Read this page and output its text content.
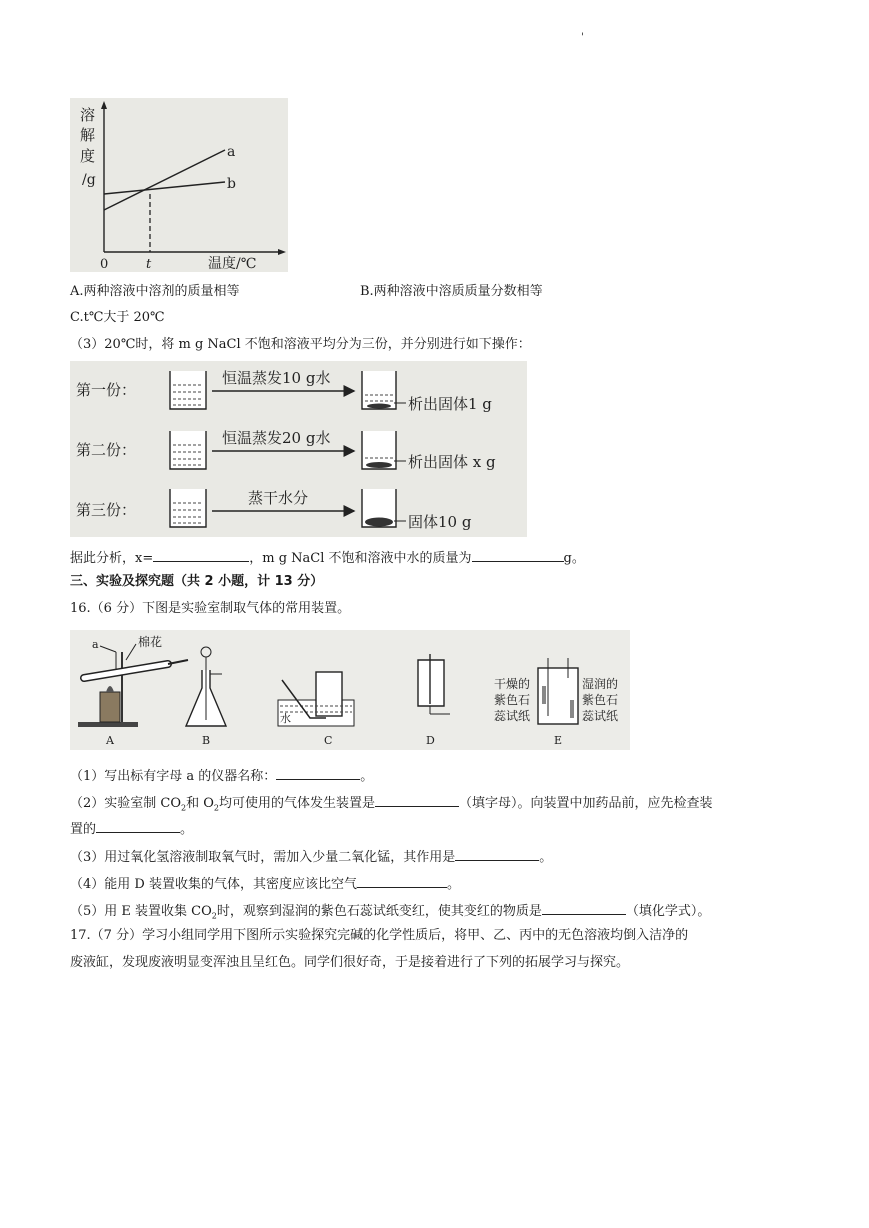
'
溶
解
度
/g
0	t	温度/℃
a
b
A.两种溶液中溶剂的质量相等	B.两种溶液中溶质质量分数相等
C.t℃大于 20℃
（3）20℃时，将 m g NaCl 不饱和溶液平均分为三份，并分别进行如下操作：
第一份：
恒温蒸发10 g水
析出固体1 g
第二份：
恒温蒸发20 g水
析出固体 x g
第三份：
蒸干水分
固体10 g
据此分析，x=	，m g NaCl 不饱和溶液中水的质量为	g。
三、实验及探究题（共 2 小题，计 13 分）
16.（6 分）下图是实验室制取气体的常用装置。
a	棉花
A	B
水
C	D
干燥的
紫色石
蕊试纸
湿润的
紫色石
蕊试纸
E
（1）写出标有字母 a 的仪器名称：	。
（2）实验室制 $CO_2$和 $O_2$均可使用的气体发生装置是	（填字母）。向装置中加药品前，应先检查装
置的	。
（3）用过氧化氢溶液制取氧气时，需加入少量二氧化锰，其作用是	。
（4）能用 D 装置收集的气体，其密度应该比空气	。
（5）用 E 装置收集 $CO_2$时，观察到湿润的紫色石蕊试纸变红，使其变红的物质是	（填化学式）。
17.（7 分）学习小组同学用下图所示实验探究完碱的化学性质后，将甲、乙、丙中的无色溶液均倒入洁净的
废液缸，发现废液明显变浑浊且呈红色。同学们很好奇，于是接着进行了下列的拓展学习与探究。
